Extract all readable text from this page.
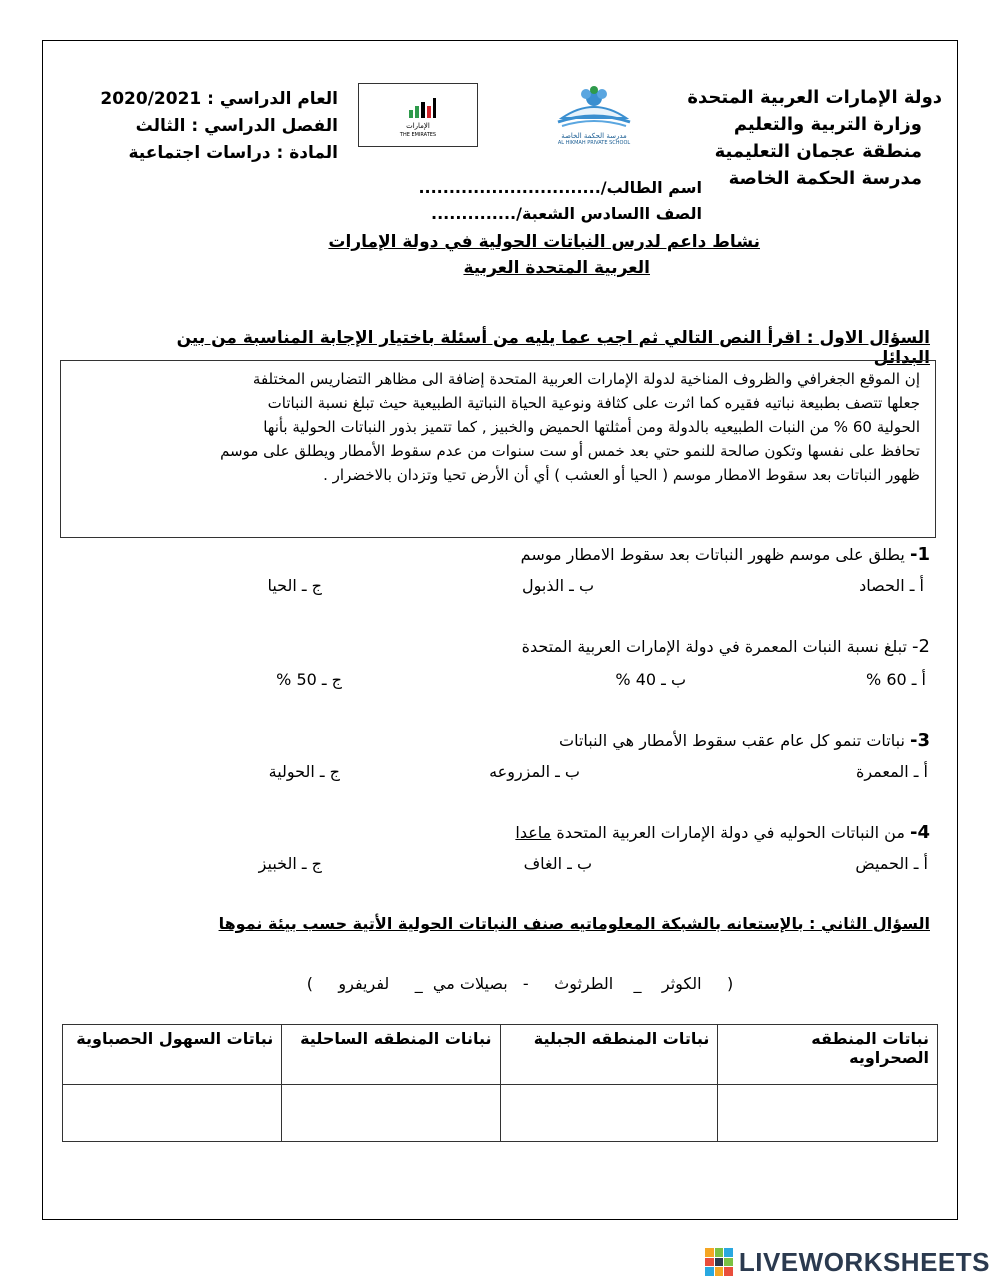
دولة الإمارات العربية المتحدة
وزارة التربية والتعليم
منطقة عجمان التعليمية
مدرسة الحكمة الخاصة
مدرسة الحكمة الخاصة
AL HIKMAH PRIVATE SCHOOL
الإمارات
THE EMIRATES
العام الدراسي : 2020/2021
الفصل الدراسي : الثالث
المادة : دراسات اجتماعية
اسم الطالب/..............................
الصف االسادس الشعبة/..............
نشاط داعم لدرس النباتات الحولية في دولة الإمارات
العربية المتحدة العربية
السؤال الاول : اقرأ النص التالي ثم اجب عما يليه من أسئلة باختيار الإجابة المناسبة من بين البدائل
إن الموقع الجغرافي والظروف المناخية لدولة الإمارات العربية المتحدة إضافة الى مظاهر التضاريس المختلفة
جعلها تتصف بطبيعة نباتيه فقيره كما اثرت على كثافة ونوعية الحياة النباتية الطبيعية حيث تبلغ نسبة النباتات
الحولية 60 % من النبات الطبيعيه بالدولة ومن أمثلتها الحميض والخبيز , كما تتميز بذور النباتات الحولية بأنها
تحافظ على نفسها وتكون صالحة للنمو حتي بعد خمس أو ست سنوات من عدم سقوط الأمطار ويطلق على موسم
ظهور النباتات بعد سقوط الامطار موسم ( الحيا أو العشب ) أي أن الأرض تحيا وتزدان بالاخضرار .
1- يطلق على موسم ظهور النباتات بعد سقوط الامطار موسم
أ ـ الحصاد
ب ـ الذبول
ج ـ الحيا
2- تبلغ نسبة النبات المعمرة في دولة الإمارات العربية المتحدة
أ ـ 60 %
ب ـ 40 %
ج ـ 50 %
3- نباتات تنمو كل عام عقب سقوط الأمطار هي النباتات
أ ـ المعمرة
ب ـ المزروعه
ج ـ الحولية
4- من النباتات الحوليه في دولة الإمارات العربية المتحدة ماعدا
أ ـ الحميض
ب ـ الغاف
ج ـ الخبيز
السؤال الثاني : بالإستعانه بالشبكة المعلوماتيه صنف النباتات الحولية الأتية حسب بيئة نموها
(     الكوثر    _    الطرثوث     -   بصيلات مي  _     لفريفرو     )
نباتات المنطقه الصحراويه	نباتات المنطقه الجبلية	نبانات المنطقه الساحلية	نباتات السهول الحصباوية

LIVEWORKSHEETS
